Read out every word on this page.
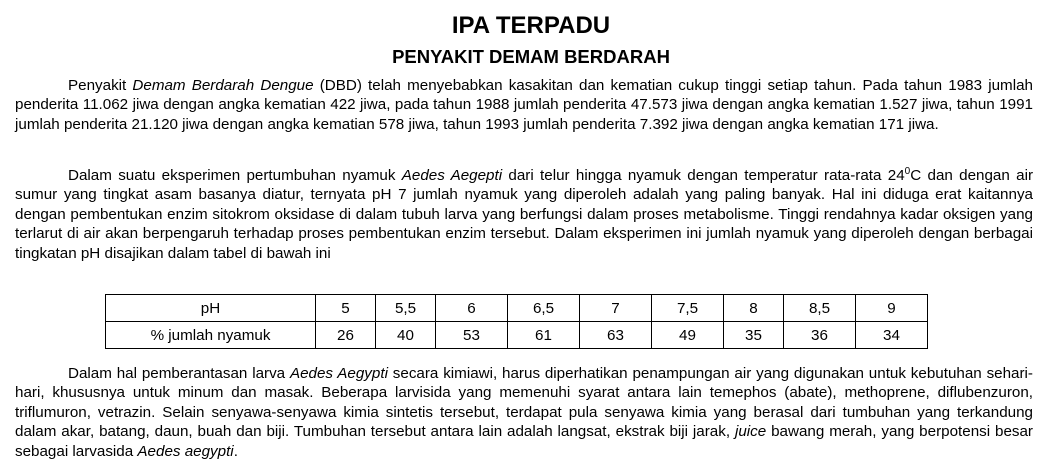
IPA TERPADU
PENYAKIT DEMAM BERDARAH

Penyakit Demam Berdarah Dengue (DBD) telah menyebabkan kasakitan dan kematian cukup tinggi setiap tahun. Pada tahun 1983 jumlah penderita 11.062 jiwa dengan angka kematian 422 jiwa, pada tahun 1988 jumlah penderita 47.573 jiwa dengan angka kematian 1.527 jiwa, tahun 1991 jumlah penderita 21.120 jiwa dengan angka kematian 578 jiwa, tahun 1993 jumlah penderita 7.392 jiwa dengan angka kematian 171 jiwa.

Dalam suatu eksperimen pertumbuhan nyamuk Aedes Aegepti dari telur hingga nyamuk dengan temperatur rata-rata $24^0C$ dan dengan air sumur yang tingkat asam basanya diatur, ternyata pH 7 jumlah nyamuk yang diperoleh adalah yang paling banyak. Hal ini diduga erat kaitannya dengan pembentukan enzim sitokrom oksidase di dalam tubuh larva yang berfungsi dalam proses metabolisme. Tinggi rendahnya kadar oksigen yang terlarut di air akan berpengaruh terhadap proses pembentukan enzim tersebut. Dalam eksperimen ini jumlah nyamuk yang diperoleh dengan berbagai tingkatan pH disajikan dalam tabel di bawah ini

pH	5	5,5	6	6,5	7	7,5	8	8,5	9
% jumlah nyamuk	26	40	53	61	63	49	35	36	34

Dalam hal pemberantasan larva Aedes Aegypti secara kimiawi, harus diperhatikan penampungan air yang digunakan untuk kebutuhan sehari-hari, khususnya untuk minum dan masak. Beberapa larvisida yang memenuhi syarat antara lain temephos (abate), methoprene, diflubenzuron, triflumuron, vetrazin. Selain senyawa-senyawa kimia sintetis tersebut, terdapat pula senyawa kimia yang berasal dari tumbuhan yang terkandung dalam akar, batang, daun, buah dan biji. Tumbuhan tersebut antara lain adalah langsat, ekstrak biji jarak, juice bawang merah, yang berpotensi besar sebagai larvasida Aedes aegypti.
